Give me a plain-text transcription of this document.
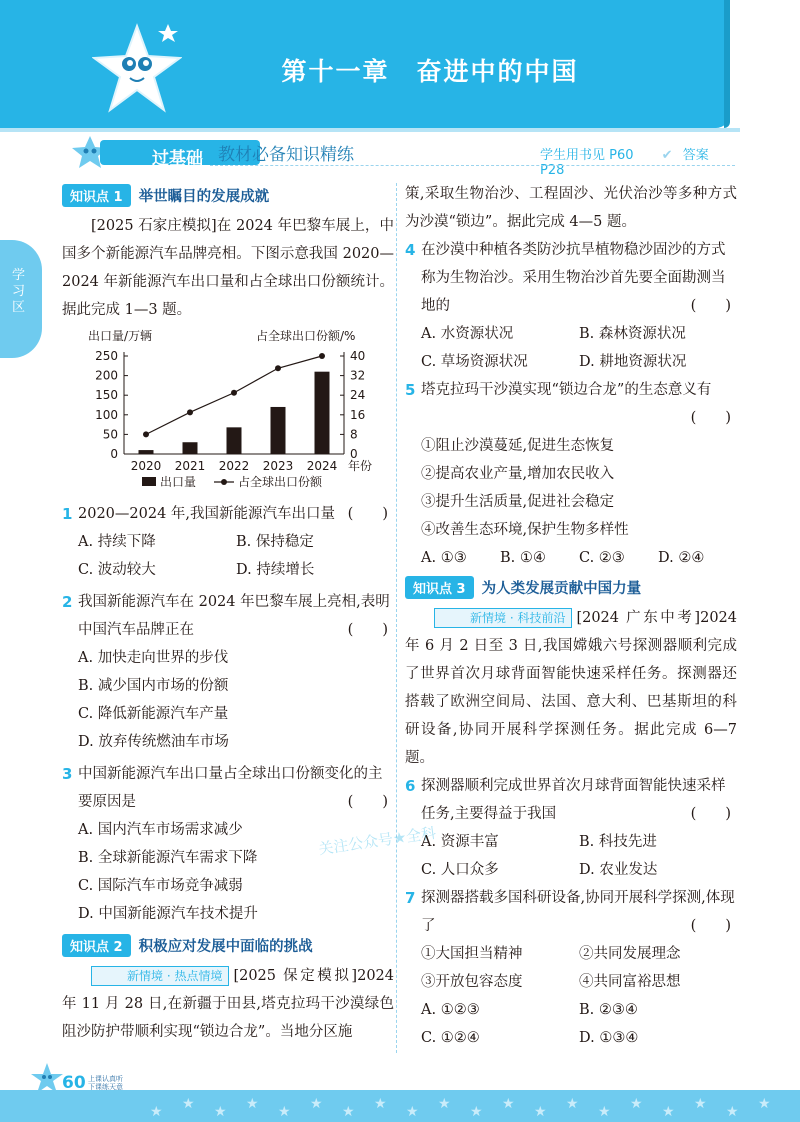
第十一章　奋进中的中国
过基础 教材必备知识精练	学生用书见 P60 ✔ 答案 P28
学
习
区
知识点 1	举世瞩目的发展成就

[2025 石家庄模拟]在 2024 年巴黎车展上，中国多个新能源汽车品牌亮相。下图示意我国 2020—2024 年新能源汽车出口量和占全球出口份额统计。据此完成 1—3 题。

出口量/万辆	占全球出口份额/%
0
50
100
150
200
250
0
8
16
24
32
40
2020 2021 2022 2023 2024 年份
出口量	占全球出口份额
1 2020—2024 年,我国新能源汽车出口量 (　　)
A. 持续下降	B. 保持稳定
C. 波动较大	D. 持续增长
2 我国新能源汽车在 2024 年巴黎车展上亮相,表明中国汽车品牌正在	(　　)
A. 加快走向世界的步伐
B. 减少国内市场的份额
C. 降低新能源汽车产量
D. 放弃传统燃油车市场
3 中国新能源汽车出口量占全球出口份额变化的主要原因是	(　　)
A. 国内汽车市场需求减少
B. 全球新能源汽车需求下降
C. 国际汽车市场竞争减弱
D. 中国新能源汽车技术提升
知识点 2	积极应对发展中面临的挑战

新情境 · 热点情境 [2025 保定模拟]2024 年 11 月 28 日,在新疆于田县,塔克拉玛干沙漠绿色阻沙防护带顺利实现“锁边合龙”。当地分区施

策,采取生物治沙、工程固沙、光伏治沙等多种方式为沙漠“锁边”。据此完成 4—5 题。

4 在沙漠中种植各类防沙抗旱植物稳沙固沙的方式称为生物治沙。采用生物治沙首先要全面勘测当地的	(　　)
A. 水资源状况	B. 森林资源状况
C. 草场资源状况	D. 耕地资源状况
5 塔克拉玛干沙漠实现“锁边合龙”的生态意义有
(　　)
①阻止沙漠蔓延,促进生态恢复
②提高农业产量,增加农民收入
③提升生活质量,促进社会稳定
④改善生态环境,保护生物多样性
A. ①③	B. ①④	C. ②③	D. ②④
知识点 3	为人类发展贡献中国力量

新情境 · 科技前沿 [2024 广东中考]2024 年 6 月 2 日至 3 日,我国嫦娥六号探测器顺利完成了世界首次月球背面智能快速采样任务。探测器还搭载了欧洲空间局、法国、意大利、巴基斯坦的科研设备,协同开展科学探测任务。据此完成 6—7 题。

6 探测器顺利完成世界首次月球背面智能快速采样任务,主要得益于我国	(　　)
A. 资源丰富	B. 科技先进
C. 人口众多	D. 农业发达
7 探测器搭载多国科研设备,协同开展科学探测,体现了	(　　)
①大国担当精神	②共同发展理念
③开放包容态度	④共同富裕思想
A. ①②③	B. ②③④
C. ①②④	D. ①③④
关注公众号★全科
60 上课认真听
下课练天意
★ ★ ★ ★ ★ ★ ★ ★ ★ ★ ★ ★ ★ ★ ★ ★ ★ ★ ★ ★
